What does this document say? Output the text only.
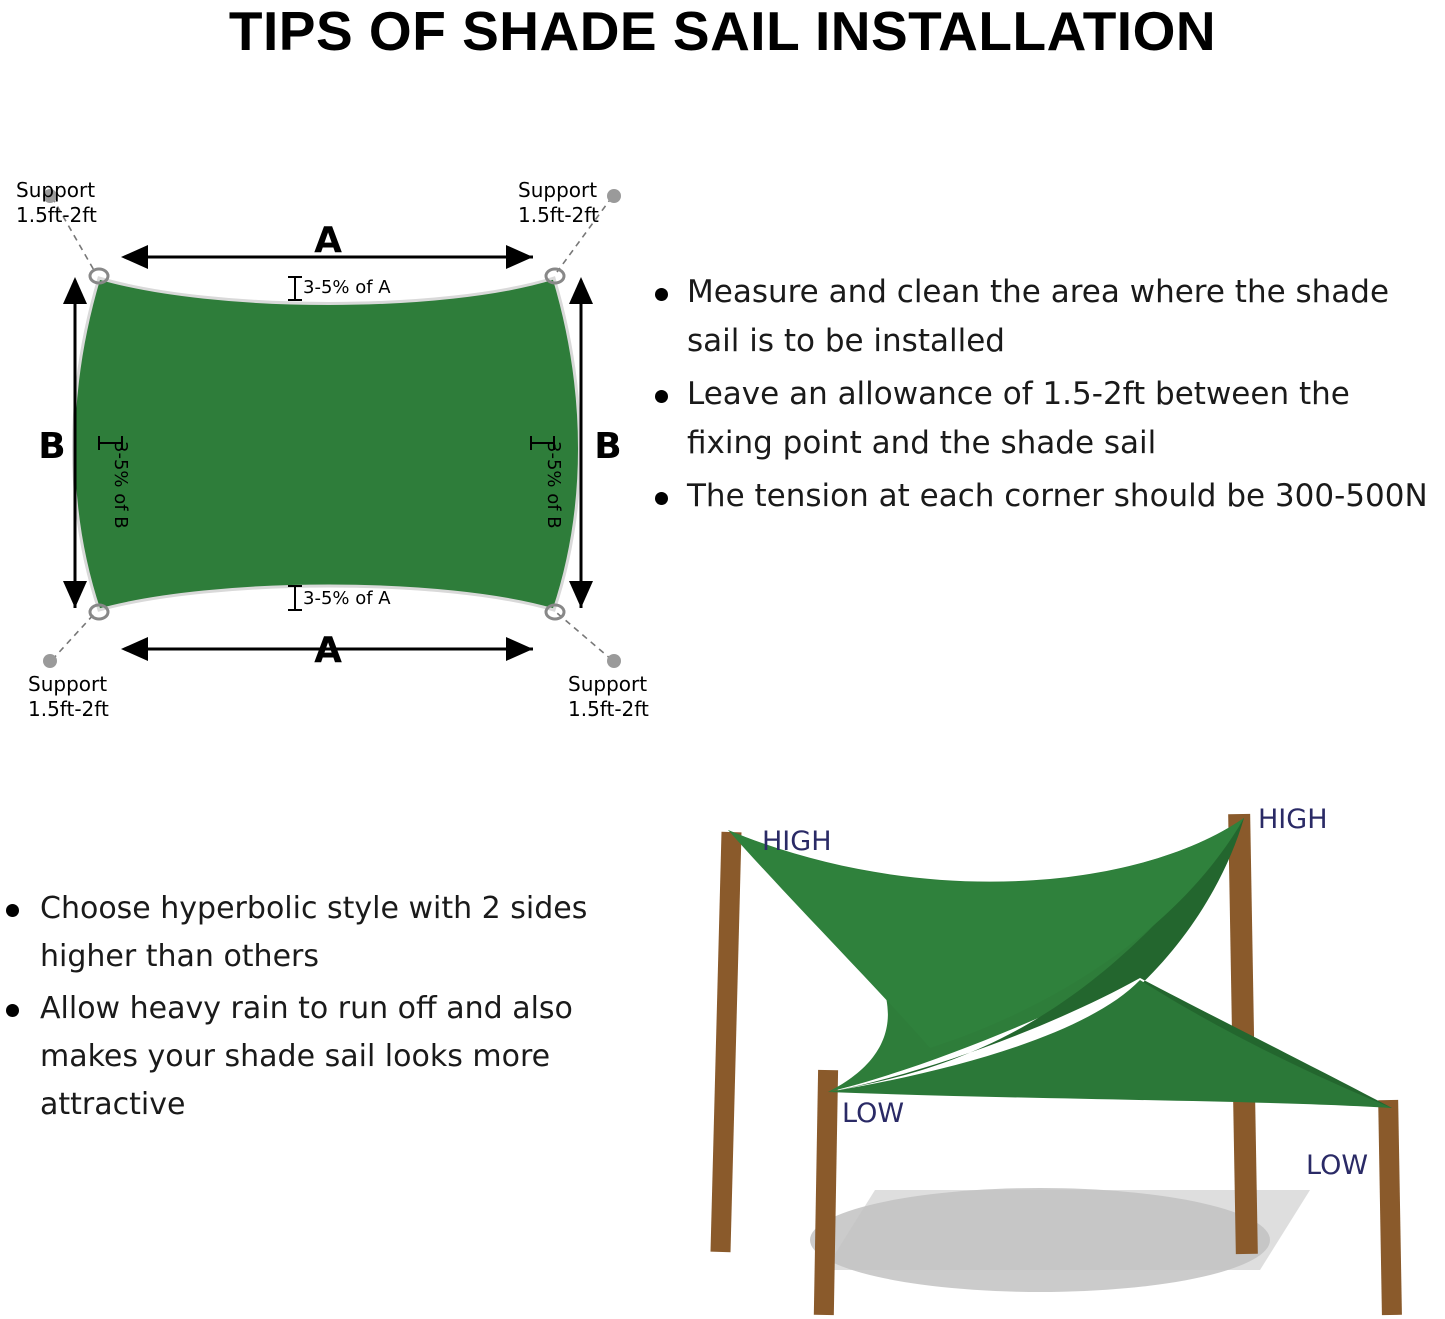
TIPS OF SHADE SAIL INSTALLATION
A
A
B	B
3-5% of A
3-5% of A
3-5% of B	3-5% of B
Support
1.5ft-2ft
Support
1.5ft-2ft
Support
1.5ft-2ft
Support
1.5ft-2ft
Measure and clean the area where the shade sail is to be installed
Leave an allowance of 1.5-2ft between the fixing point and the shade sail
The tension at each corner should be 300-500N
Choose hyperbolic style with 2 sides higher than others
Allow heavy rain to run off and also makes your shade sail looks more attractive
HIGH
HIGH
LOW
LOW
